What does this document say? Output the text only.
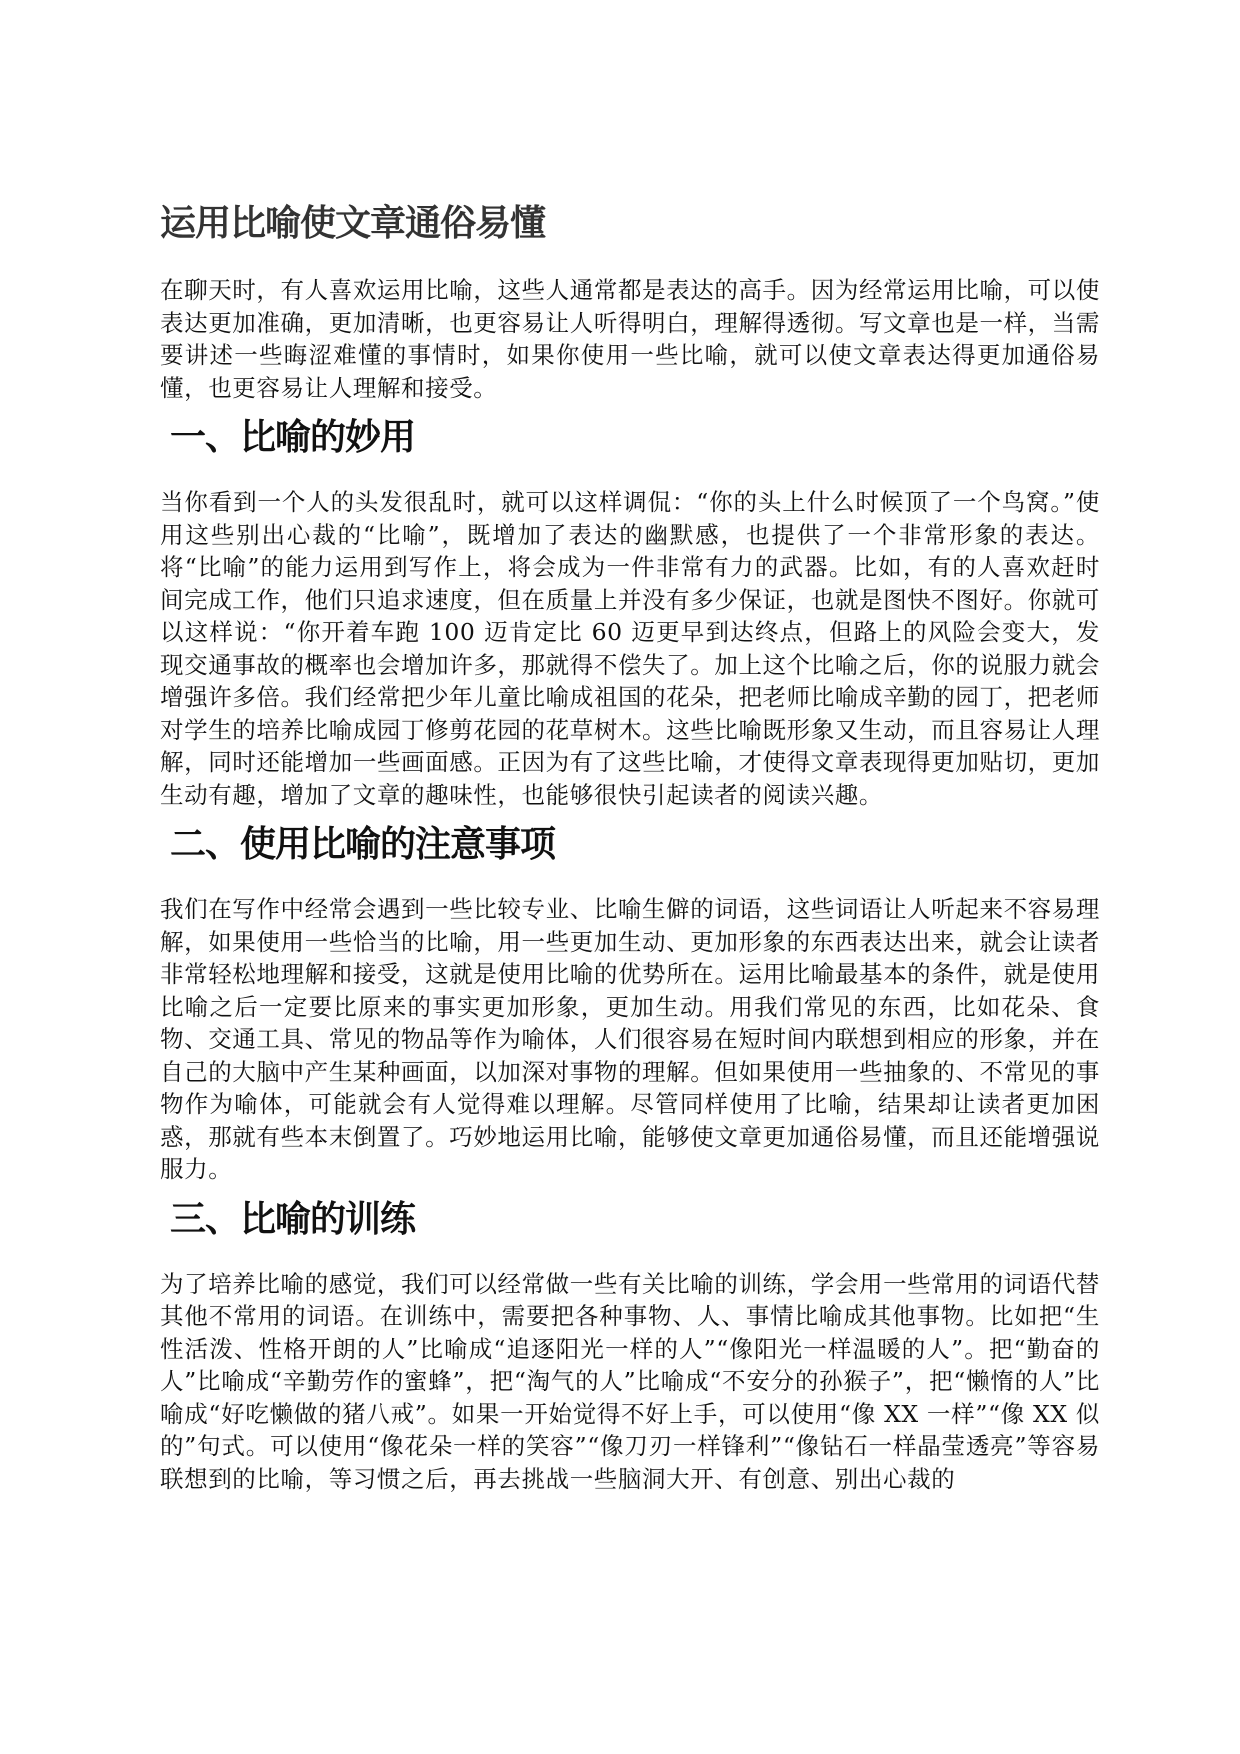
运用比喻使文章通俗易懂

在聊天时，有人喜欢运用比喻，这些人通常都是表达的高手。因为经常运用比喻，可以使表达更加准确，更加清晰，也更容易让人听得明白，理解得透彻。写文章也是一样，当需要讲述一些晦涩难懂的事情时，如果你使用一些比喻，就可以使文章表达得更加通俗易懂，也更容易让人理解和接受。

一、比喻的妙用

当你看到一个人的头发很乱时，就可以这样调侃：“你的头上什么时候顶了一个鸟窝。”使用这些别出心裁的“比喻”，既增加了表达的幽默感，也提供了一个非常形象的表达。将“比喻”的能力运用到写作上，将会成为一件非常有力的武器。比如，有的人喜欢赶时间完成工作，他们只追求速度，但在质量上并没有多少保证，也就是图快不图好。你就可以这样说：“你开着车跑 100 迈肯定比 60 迈更早到达终点，但路上的风险会变大，发现交通事故的概率也会增加许多，那就得不偿失了。加上这个比喻之后，你的说服力就会增强许多倍。我们经常把少年儿童比喻成祖国的花朵，把老师比喻成辛勤的园丁，把老师对学生的培养比喻成园丁修剪花园的花草树木。这些比喻既形象又生动，而且容易让人理解，同时还能增加一些画面感。正因为有了这些比喻，才使得文章表现得更加贴切，更加生动有趣，增加了文章的趣味性，也能够很快引起读者的阅读兴趣。

二、使用比喻的注意事项

我们在写作中经常会遇到一些比较专业、比喻生僻的词语，这些词语让人听起来不容易理解，如果使用一些恰当的比喻，用一些更加生动、更加形象的东西表达出来，就会让读者非常轻松地理解和接受，这就是使用比喻的优势所在。运用比喻最基本的条件，就是使用比喻之后一定要比原来的事实更加形象，更加生动。用我们常见的东西，比如花朵、食物、交通工具、常见的物品等作为喻体，人们很容易在短时间内联想到相应的形象，并在自己的大脑中产生某种画面，以加深对事物的理解。但如果使用一些抽象的、不常见的事物作为喻体，可能就会有人觉得难以理解。尽管同样使用了比喻，结果却让读者更加困惑，那就有些本末倒置了。巧妙地运用比喻，能够使文章更加通俗易懂，而且还能增强说服力。

三、比喻的训练

为了培养比喻的感觉，我们可以经常做一些有关比喻的训练，学会用一些常用的词语代替其他不常用的词语。在训练中，需要把各种事物、人、事情比喻成其他事物。比如把“生性活泼、性格开朗的人”比喻成“追逐阳光一样的人”“像阳光一样温暖的人”。把“勤奋的人”比喻成“辛勤劳作的蜜蜂”，把“淘气的人”比喻成“不安分的孙猴子”，把“懒惰的人”比喻成“好吃懒做的猪八戒”。如果一开始觉得不好上手，可以使用“像 XX 一样”“像 XX 似的”句式。可以使用“像花朵一样的笑容”“像刀刃一样锋利”“像钻石一样晶莹透亮”等容易联想到的比喻，等习惯之后，再去挑战一些脑洞大开、有创意、别出心裁的
